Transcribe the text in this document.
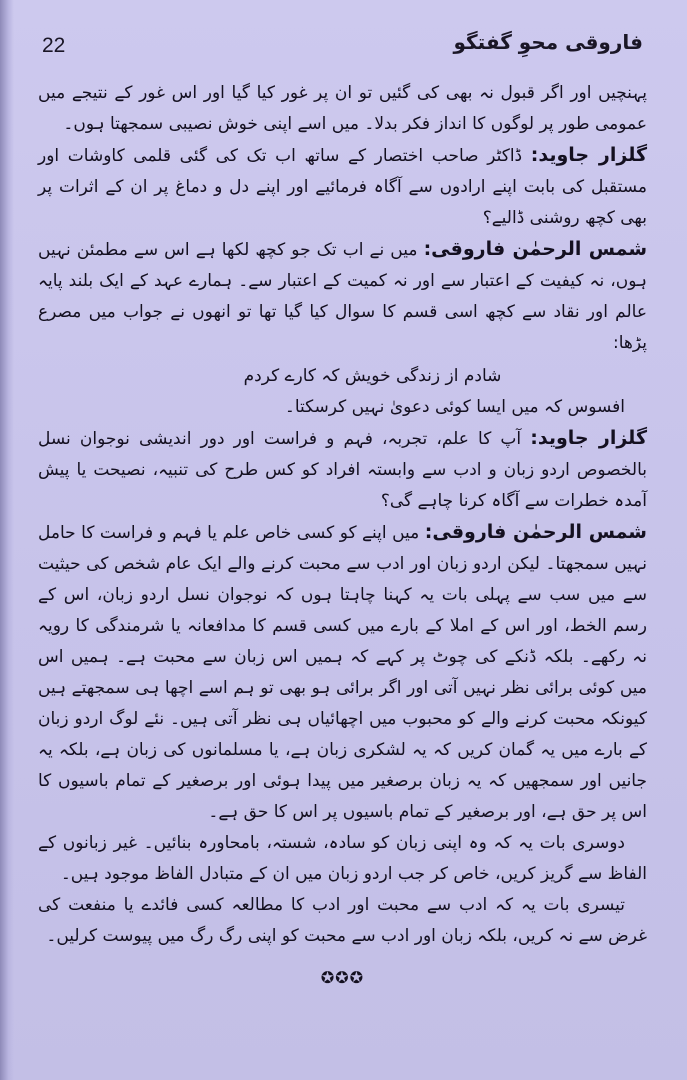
22	فاروقی محوِ گفتگو

پہنچیں اور اگر قبول نہ بھی کی گئیں تو ان پر غور کیا گیا اور اس غور کے نتیجے میں عمومی طور پر لوگوں کا انداز فکر بدلا۔ میں اسے اپنی خوش نصیبی سمجھتا ہوں۔

گلزار جاوید: ڈاکٹر صاحب اختصار کے ساتھ اب تک کی گئی قلمی کاوشات اور مستقبل کی بابت اپنے ارادوں سے آگاہ فرمائیے اور اپنے دل و دماغ پر ان کے اثرات پر بھی کچھ روشنی ڈالیے؟

شمس الرحمٰن فاروقی: میں نے اب تک جو کچھ لکھا ہے اس سے مطمئن نہیں ہوں، نہ کیفیت کے اعتبار سے اور نہ کمیت کے اعتبار سے۔ ہمارے عہد کے ایک بلند پایہ عالم اور نقاد سے کچھ اسی قسم کا سوال کیا گیا تھا تو انھوں نے جواب میں مصرع پڑھا:

شادم از زندگی خویش کہ کارے کردم

افسوس کہ میں ایسا کوئی دعویٰ نہیں کرسکتا۔

گلزار جاوید: آپ کا علم، تجربہ، فہم و فراست اور دور اندیشی نوجوان نسل بالخصوص اردو زبان و ادب سے وابستہ افراد کو کس طرح کی تنبیہ، نصیحت یا پیش آمدہ خطرات سے آگاہ کرنا چاہے گی؟

شمس الرحمٰن فاروقی: میں اپنے کو کسی خاص علم یا فہم و فراست کا حامل نہیں سمجھتا۔ لیکن اردو زبان اور ادب سے محبت کرنے والے ایک عام شخص کی حیثیت سے میں سب سے پہلی بات یہ کہنا چاہتا ہوں کہ نوجوان نسل اردو زبان، اس کے رسم الخط، اور اس کے املا کے بارے میں کسی قسم کا مدافعانہ یا شرمندگی کا رویہ نہ رکھے۔ بلکہ ڈنکے کی چوٹ پر کہے کہ ہمیں اس زبان سے محبت ہے۔ ہمیں اس میں کوئی برائی نظر نہیں آتی اور اگر برائی ہو بھی تو ہم اسے اچھا ہی سمجھتے ہیں کیونکہ محبت کرنے والے کو محبوب میں اچھائیاں ہی نظر آتی ہیں۔ نئے لوگ اردو زبان کے بارے میں یہ گمان کریں کہ یہ لشکری زبان ہے، یا مسلمانوں کی زبان ہے، بلکہ یہ جانیں اور سمجھیں کہ یہ زبان برصغیر میں پیدا ہوئی اور برصغیر کے تمام باسیوں کا اس پر حق ہے، اور برصغیر کے تمام باسیوں پر اس کا حق ہے۔

دوسری بات یہ کہ وہ اپنی زبان کو سادہ، شستہ، بامحاورہ بنائیں۔ غیر زبانوں کے الفاظ سے گریز کریں، خاص کر جب اردو زبان میں ان کے متبادل الفاظ موجود ہیں۔

تیسری بات یہ کہ ادب سے محبت اور ادب کا مطالعہ کسی فائدے یا منفعت کی غرض سے نہ کریں، بلکہ زبان اور ادب سے محبت کو اپنی رگ رگ میں پیوست کرلیں۔

✪✪✪
